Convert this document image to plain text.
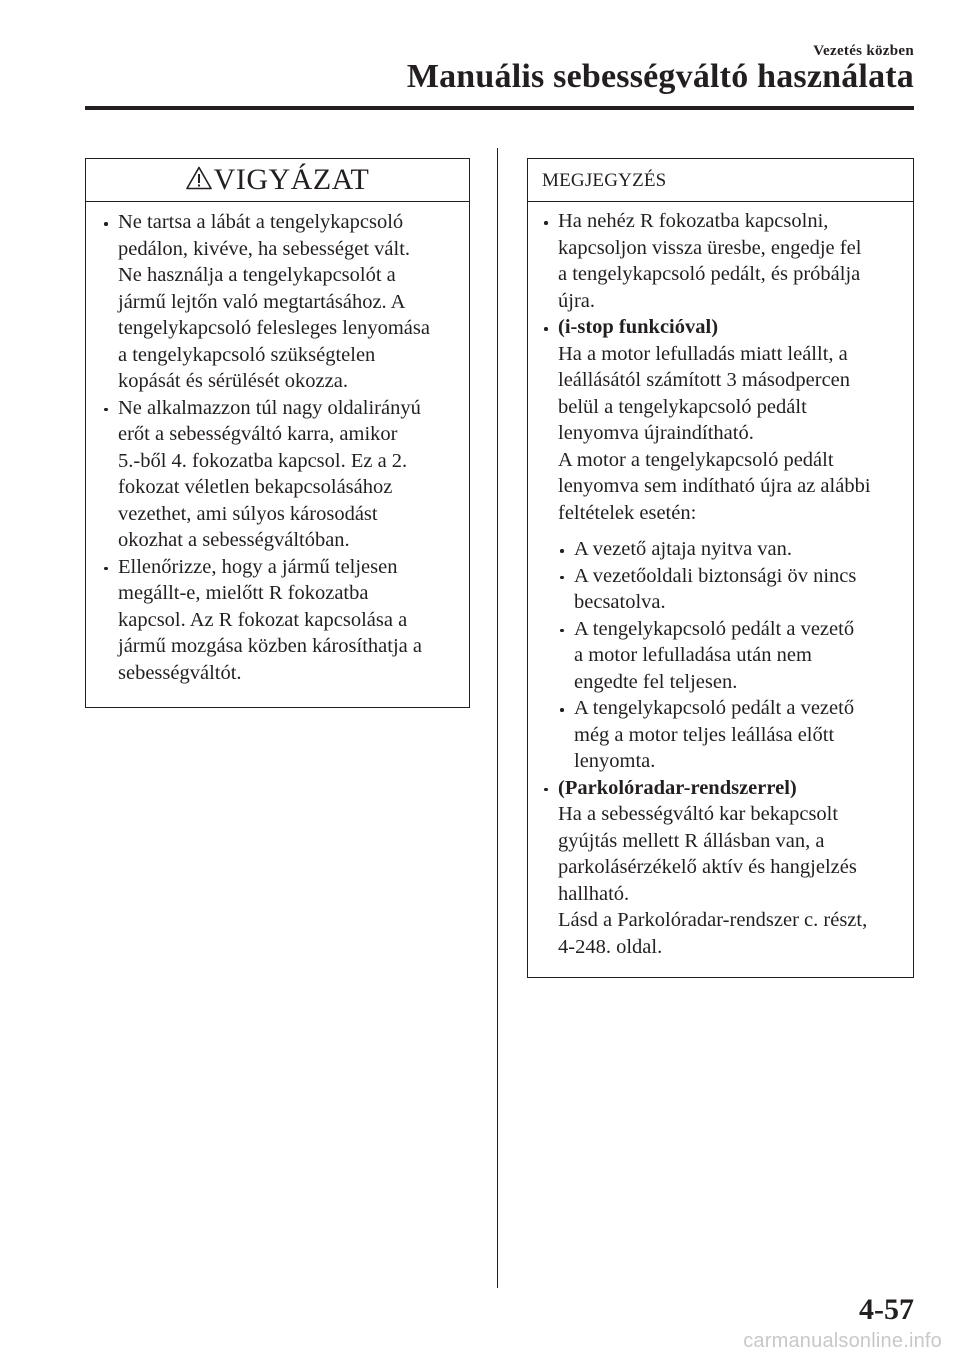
Vezetés közben
Manuális sebességváltó használata
VIGYÁZAT
Ne tartsa a lábát a tengelykapcsoló
pedálon, kivéve, ha sebességet vált.
Ne használja a tengelykapcsolót a
jármű lejtőn való megtartásához. A
tengelykapcsoló felesleges lenyomása
a tengelykapcsoló szükségtelen
kopását és sérülését okozza.
Ne alkalmazzon túl nagy oldalirányú
erőt a sebességváltó karra, amikor
5.-ből 4. fokozatba kapcsol. Ez a 2.
fokozat véletlen bekapcsolásához
vezethet, ami súlyos károsodást
okozhat a sebességváltóban.
Ellenőrizze, hogy a jármű teljesen
megállt-e, mielőtt R fokozatba
kapcsol. Az R fokozat kapcsolása a
jármű mozgása közben károsíthatja a
sebességváltót.
MEGJEGYZÉS
Ha nehéz R fokozatba kapcsolni,
kapcsoljon vissza üresbe, engedje fel
a tengelykapcsoló pedált, és próbálja
újra.
(i-stop funkcióval)
Ha a motor lefulladás miatt leállt, a
leállásától számított 3 másodpercen
belül a tengelykapcsoló pedált
lenyomva újraindítható.
A motor a tengelykapcsoló pedált
lenyomva sem indítható újra az alábbi
feltételek esetén:
A vezető ajtaja nyitva van.
A vezetőoldali biztonsági öv nincs
becsatolva.
A tengelykapcsoló pedált a vezető
a motor lefulladása után nem
engedte fel teljesen.
A tengelykapcsoló pedált a vezető
még a motor teljes leállása előtt
lenyomta.
(Parkolóradar-rendszerrel)
Ha a sebességváltó kar bekapcsolt
gyújtás mellett R állásban van, a
parkolásérzékelő aktív és hangjelzés
hallható.
Lásd a Parkolóradar-rendszer c. részt,
4-248. oldal.
4-57
carmanualsonline.info
